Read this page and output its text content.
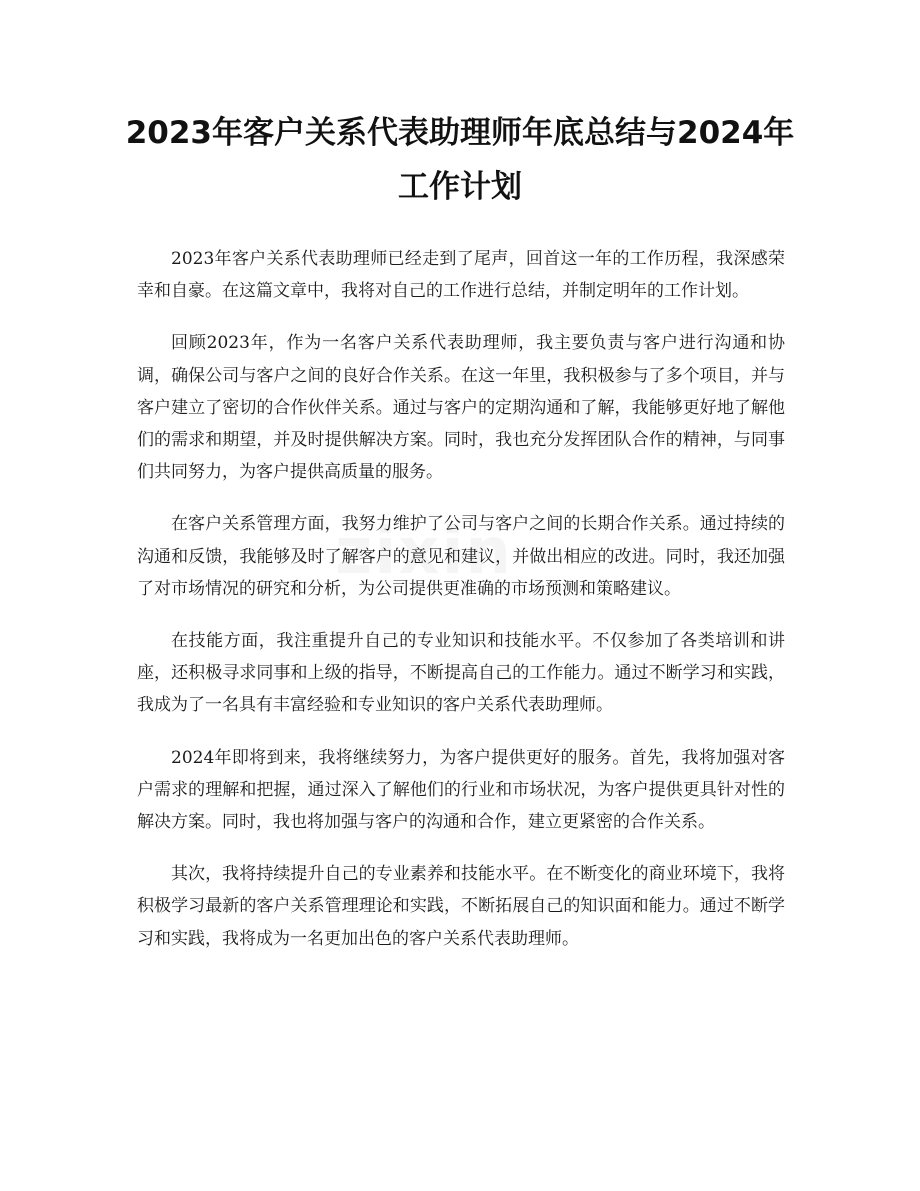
2023年客户关系代表助理师年底总结与2024年工作计划
zixin

2023年客户关系代表助理师已经走到了尾声，回首这一年的工作历程，我深感荣幸和自豪。在这篇文章中，我将对自己的工作进行总结，并制定明年的工作计划。

回顾2023年，作为一名客户关系代表助理师，我主要负责与客户进行沟通和协调，确保公司与客户之间的良好合作关系。在这一年里，我积极参与了多个项目，并与客户建立了密切的合作伙伴关系。通过与客户的定期沟通和了解，我能够更好地了解他们的需求和期望，并及时提供解决方案。同时，我也充分发挥团队合作的精神，与同事们共同努力，为客户提供高质量的服务。

在客户关系管理方面，我努力维护了公司与客户之间的长期合作关系。通过持续的沟通和反馈，我能够及时了解客户的意见和建议，并做出相应的改进。同时，我还加强了对市场情况的研究和分析，为公司提供更准确的市场预测和策略建议。

在技能方面，我注重提升自己的专业知识和技能水平。不仅参加了各类培训和讲座，还积极寻求同事和上级的指导，不断提高自己的工作能力。通过不断学习和实践，我成为了一名具有丰富经验和专业知识的客户关系代表助理师。

2024年即将到来，我将继续努力，为客户提供更好的服务。首先，我将加强对客户需求的理解和把握，通过深入了解他们的行业和市场状况，为客户提供更具针对性的解决方案。同时，我也将加强与客户的沟通和合作，建立更紧密的合作关系。

其次，我将持续提升自己的专业素养和技能水平。在不断变化的商业环境下，我将积极学习最新的客户关系管理理论和实践，不断拓展自己的知识面和能力。通过不断学习和实践，我将成为一名更加出色的客户关系代表助理师。
